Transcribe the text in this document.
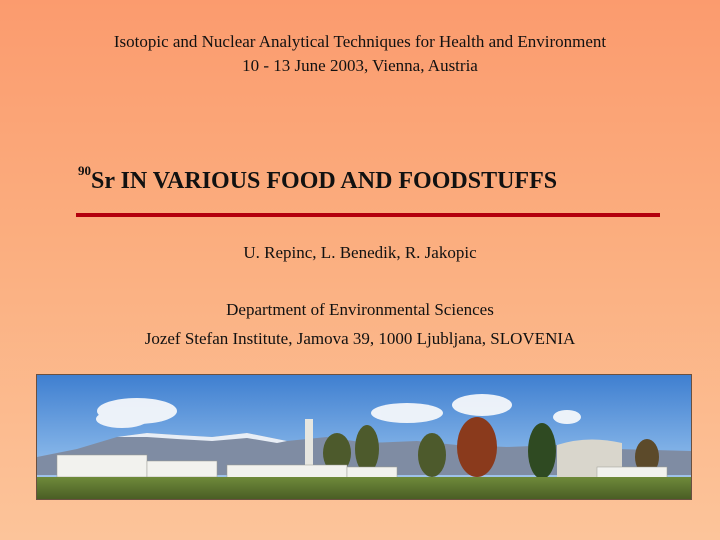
Isotopic and Nuclear Analytical Techniques for Health and Environment
10 - 13 June 2003, Vienna, Austria
$^{90}$Sr IN VARIOUS FOOD AND FOODSTUFFS
U. Repinc, L. Benedik, R. Jakopic
Department of Environmental Sciences
Jozef Stefan Institute, Jamova 39, 1000 Ljubljana, SLOVENIA
